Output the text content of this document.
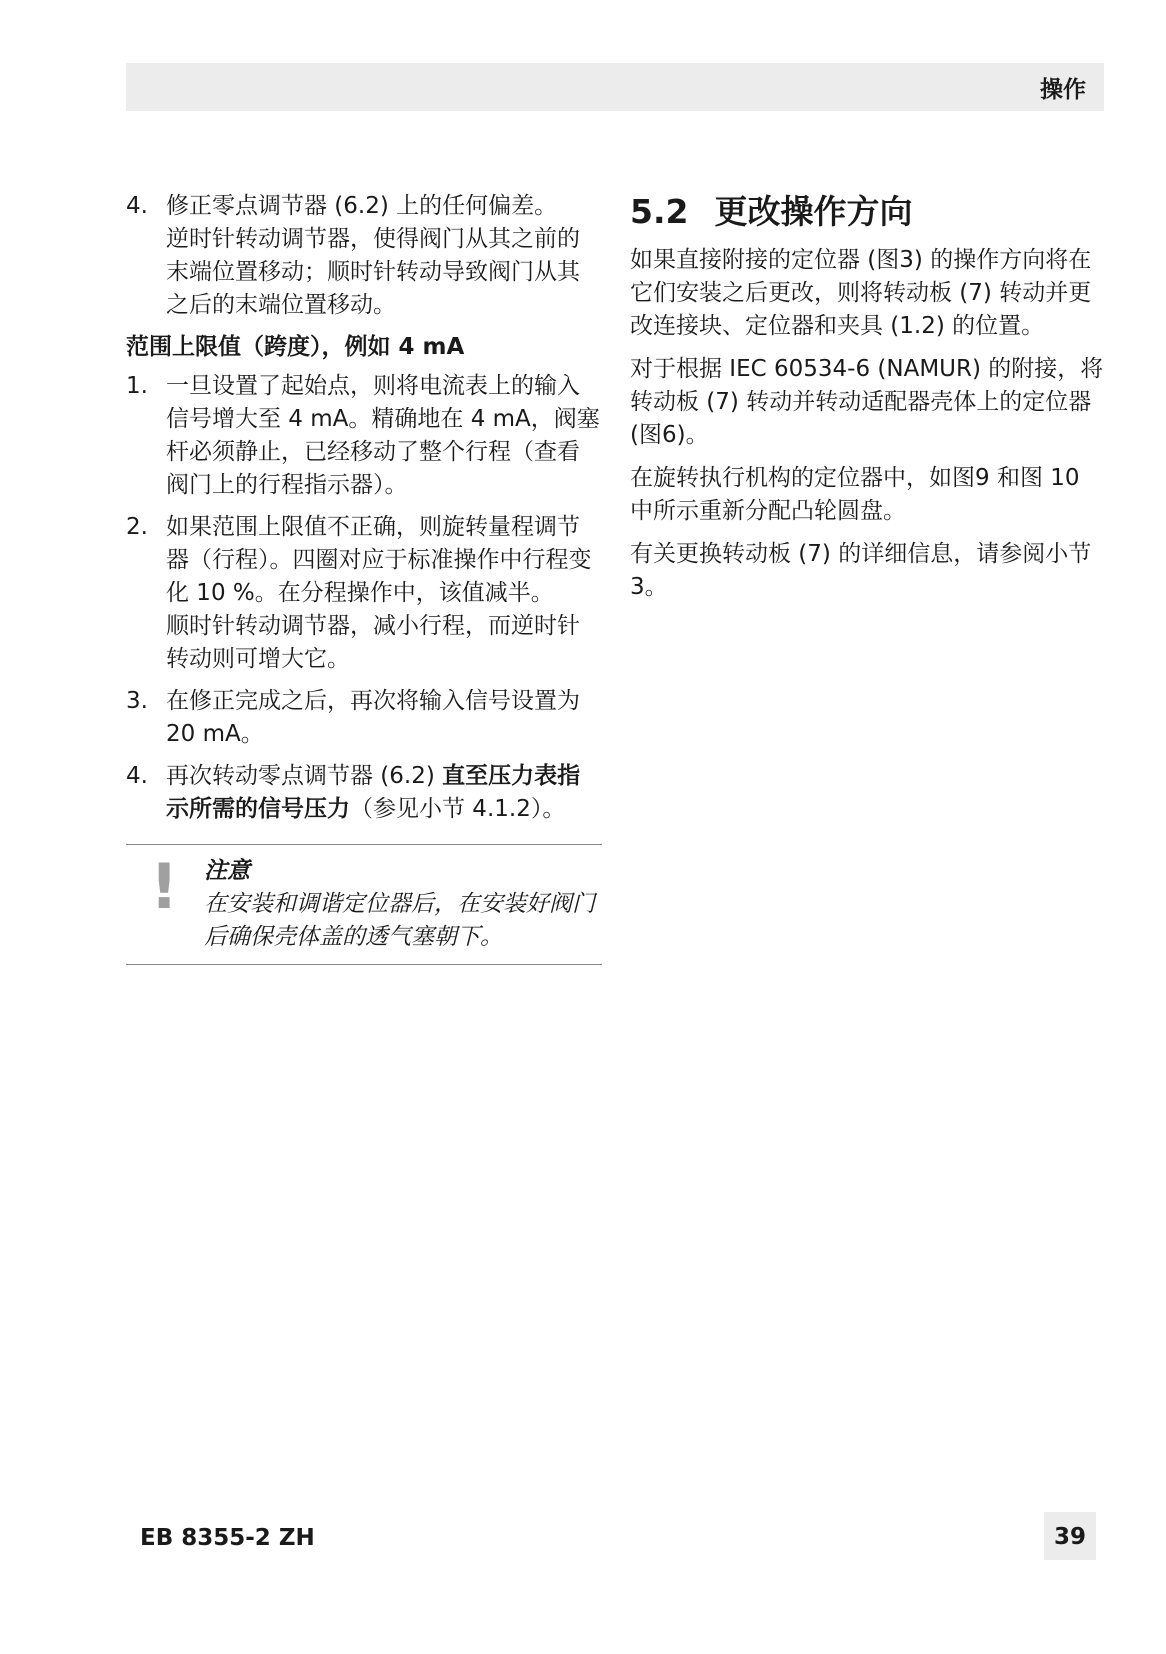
操作
4. 修正零点调节器 (6.2) 上的任何偏差。
逆时针转动调节器，使得阀门从其之前的末端位置移动；顺时针转动导致阀门从其之后的末端位置移动。
范围上限值（跨度），例如 4 mA
1. 一旦设置了起始点，则将电流表上的输入信号增大至 4 mA。精确地在 4 mA，阀塞杆必须静止，已经移动了整个行程（查看阀门上的行程指示器）。
2. 如果范围上限值不正确，则旋转量程调节器（行程）。四圈对应于标准操作中行程变化 10 %。在分程操作中，该值减半。
顺时针转动调节器，减小行程，而逆时针转动则可增大它。
3. 在修正完成之后，再次将输入信号设置为 20 mA。
4. 再次转动零点调节器 (6.2) 直至压力表指示所需的信号压力（参见小节 4.1.2）。
! 注意
在安装和调谐定位器后，在安装好阀门后确保壳体盖的透气塞朝下。
5.2 更改操作方向
如果直接附接的定位器 (图3) 的操作方向将在它们安装之后更改，则将转动板 (7) 转动并更改连接块、定位器和夹具 (1.2) 的位置。
对于根据 IEC 60534-6 (NAMUR) 的附接，将转动板 (7) 转动并转动适配器壳体上的定位器 (图6)。
在旋转执行机构的定位器中，如图9 和图 10 中所示重新分配凸轮圆盘。
有关更换转动板 (7) 的详细信息，请参阅小节 3。
EB 8355-2 ZH	39
